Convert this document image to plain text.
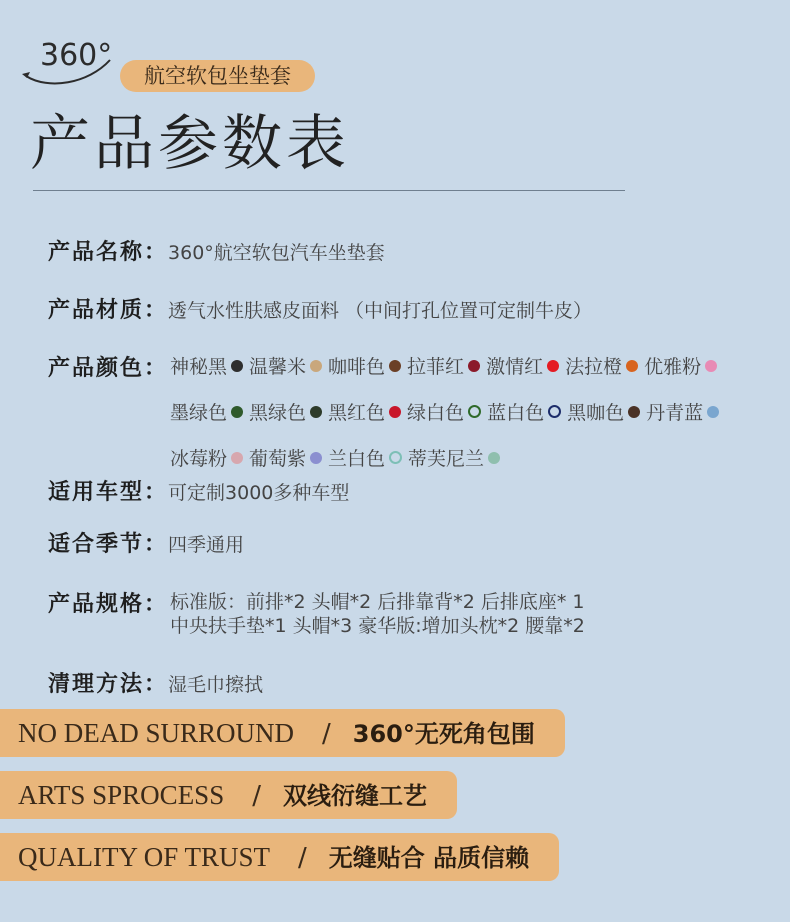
360°
航空软包坐垫套
产品参数表
产品名称：360°航空软包汽车坐垫套
产品材质：透气水性肤感皮面料 （中间打孔位置可定制牛皮）
产品颜色： 神秘黑 温馨米 咖啡色 拉菲红 激情红 法拉橙 优雅粉
墨绿色 黑绿色 黑红色 绿白色 蓝白色 黑咖色 丹青蓝
冰莓粉 葡萄紫 兰白色 蒂芙尼兰
适用车型：可定制3000多种车型
适合季节：四季通用
产品规格： 标准版：前排*2 头帽*2 后排靠背*2 后排底座* 1
中央扶手垫*1 头帽*3 豪华版:增加头枕*2 腰靠*2
清理方法：湿毛巾擦拭
NO DEAD SURROUND / 360°无死角包围
ARTS SPROCESS / 双线衍缝工艺
QUALITY OF TRUST / 无缝贴合 品质信赖
